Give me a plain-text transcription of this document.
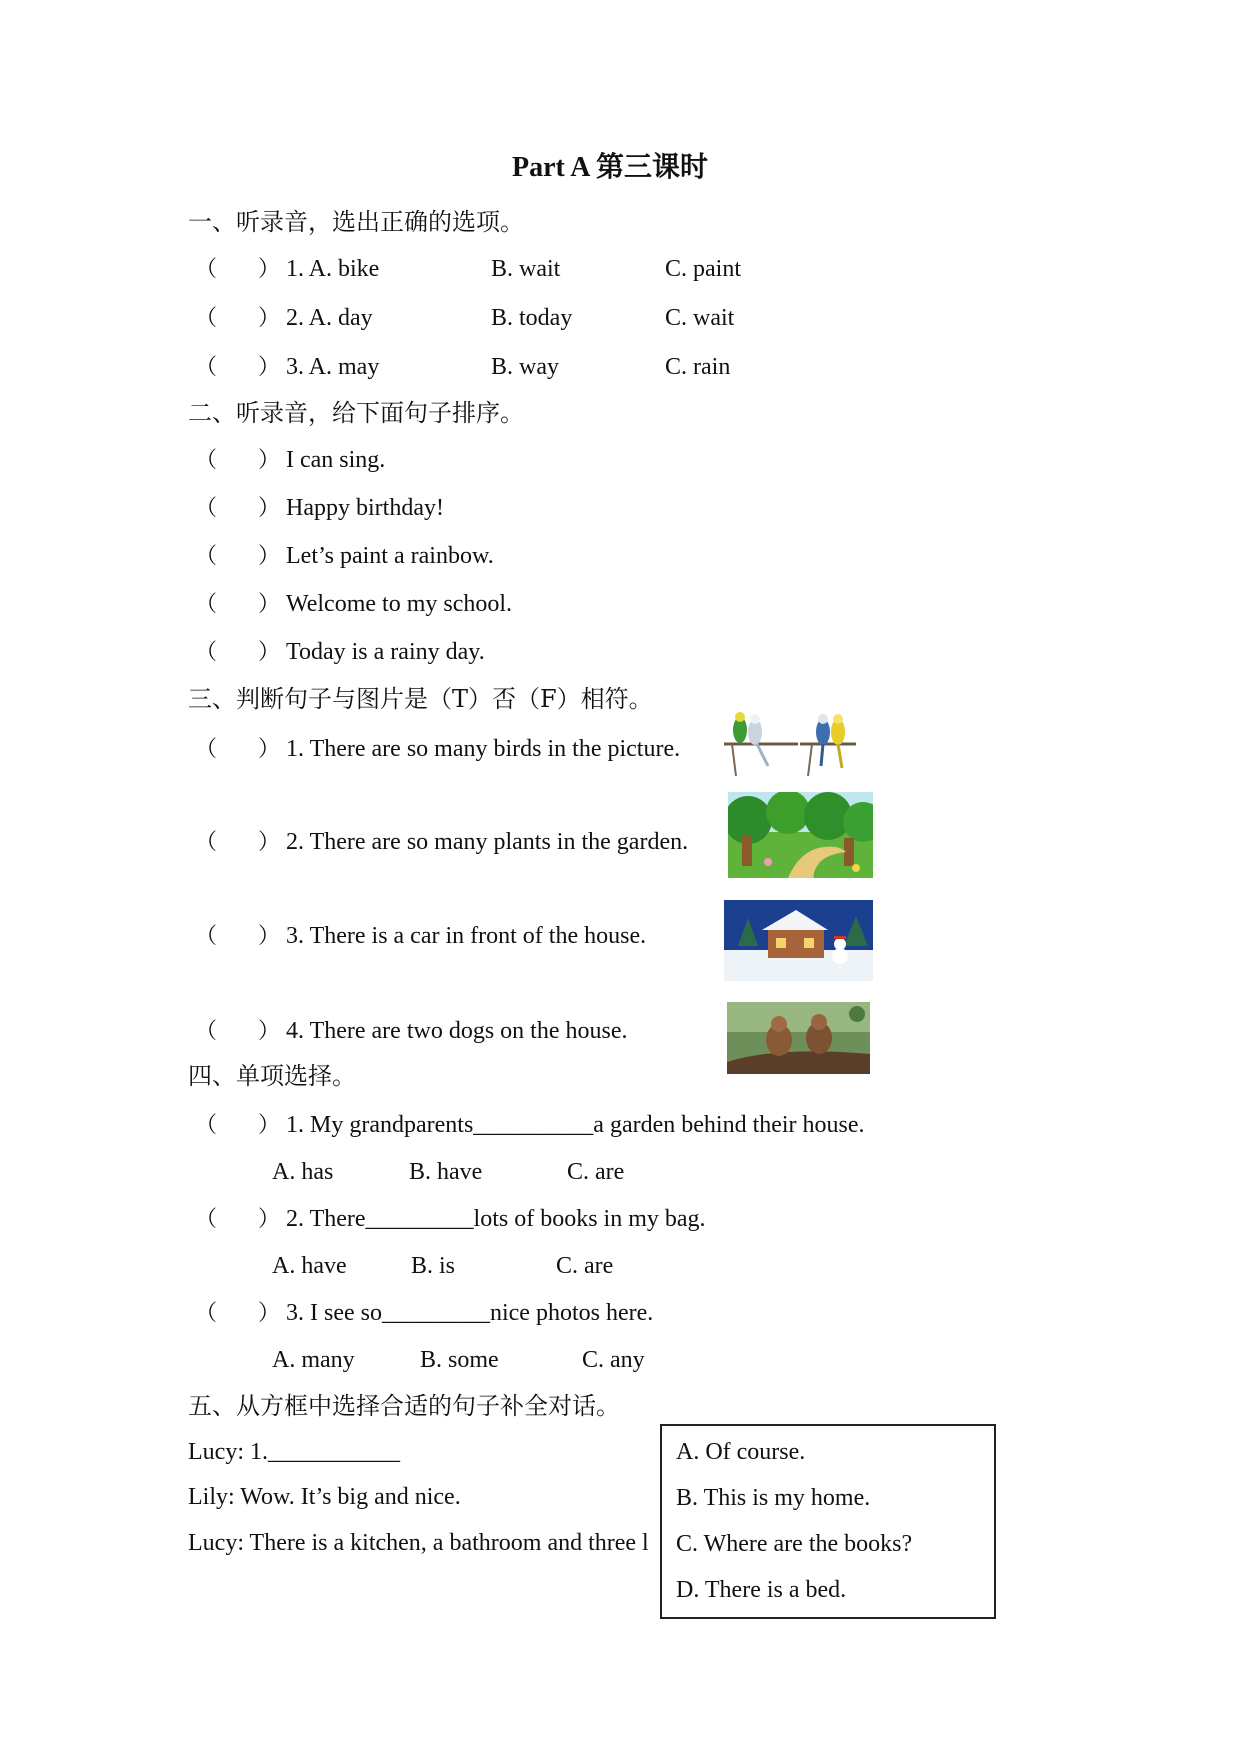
Part A 第三课时
一、听录音，选出正确的选项。
（ ） 1. A. bike	B. wait	C. paint
（ ） 2. A. day	B. today	C. wait
（ ） 3. A. may	B. way	C. rain
二、听录音，给下面句子排序。
（ ） I can sing.
（ ） Happy birthday!
（ ） Let’s paint a rainbow.
（ ） Welcome to my school.
（ ） Today is a rainy day.
三、判断句子与图片是（T）否（F）相符。
（ ） 1. There are so many birds in the picture.
（ ） 2. There are so many plants in the garden.
（ ） 3. There is a car in front of the house.
（ ） 4. There are two dogs on the house.
四、单项选择。
（ ） 1. My grandparents__________a garden behind their house.
A. has	B. have	C. are
（ ） 2. There_________lots of books in my bag.
A. have	B. is	C. are
（ ） 3. I see so_________nice photos here.
A. many	B. some	C. any
五、从方框中选择合适的句子补全对话。
Lucy: 1.___________
Lily: Wow. It’s big and nice.
Lucy: There is a kitchen, a bathroom and three l
A. Of course.
B. This is my home.
C. Where are the books?
D. There is a bed.
